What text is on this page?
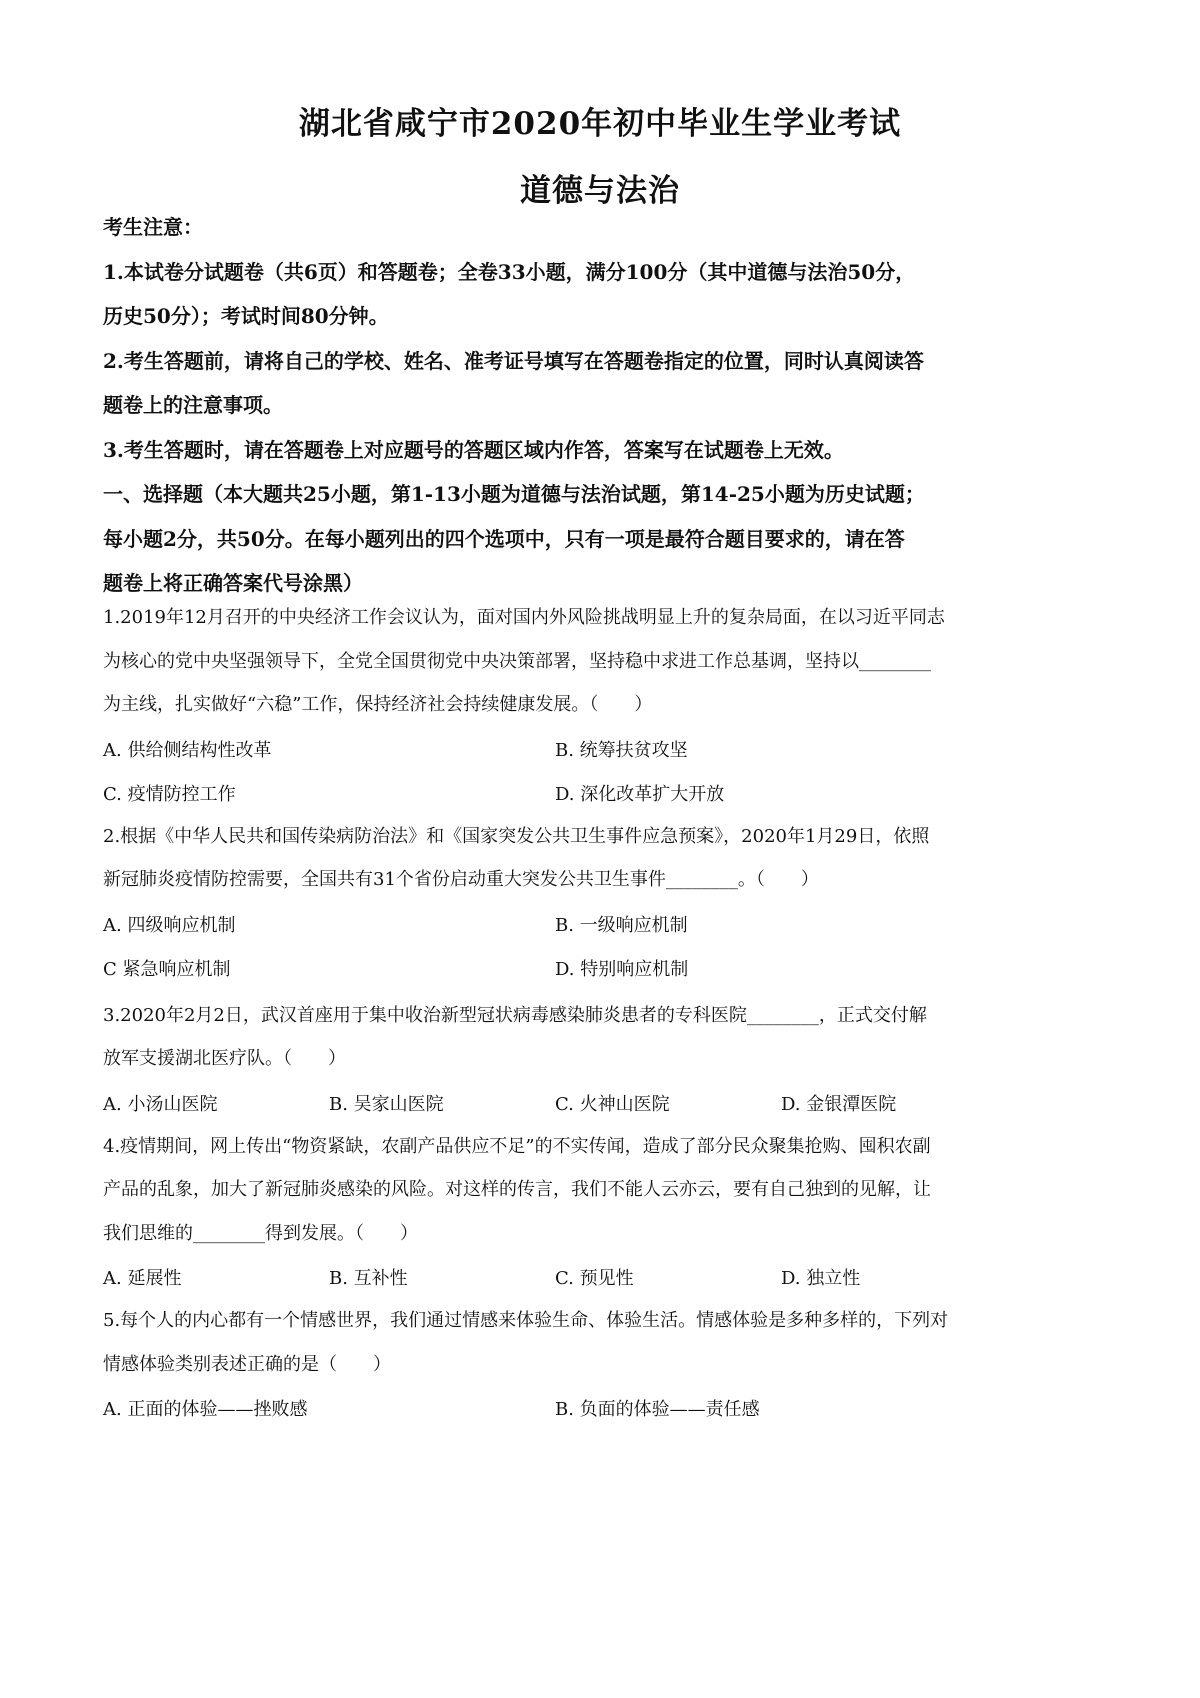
湖北省咸宁市2020年初中毕业生学业考试
道德与法治

考生注意：

1.本试卷分试题卷（共6页）和答题卷；全卷33小题，满分100分（其中道德与法治50分，

历史50分）；考试时间80分钟。

2.考生答题前，请将自己的学校、姓名、准考证号填写在答题卷指定的位置，同时认真阅读答

题卷上的注意事项。

3.考生答题时，请在答题卷上对应题号的答题区域内作答，答案写在试题卷上无效。

一、选择题（本大题共25小题，第1-13小题为道德与法治试题，第14-25小题为历史试题；

每小题2分，共50分。在每小题列出的四个选项中，只有一项是最符合题目要求的，请在答

题卷上将正确答案代号涂黑）

1.2019年12月召开的中央经济工作会议认为，面对国内外风险挑战明显上升的复杂局面，在以习近平同志

为核心的党中央坚强领导下，全党全国贯彻党中央决策部署，坚持稳中求进工作总基调，坚持以________

为主线，扎实做好“六稳”工作，保持经济社会持续健康发展。（　　）

A. 供给侧结构性改革	B. 统筹扶贫攻坚
C. 疫情防控工作	D. 深化改革扩大开放

2.根据《中华人民共和国传染病防治法》和《国家突发公共卫生事件应急预案》，2020年1月29日，依照

新冠肺炎疫情防控需要，全国共有31个省份启动重大突发公共卫生事件________。（　　）

A. 四级响应机制	B. 一级响应机制
C 紧急响应机制	D. 特别响应机制

3.2020年2月2日，武汉首座用于集中收治新型冠状病毒感染肺炎患者的专科医院________，正式交付解

放军支援湖北医疗队。（　　）

A. 小汤山医院	B. 吴家山医院	C. 火神山医院	D. 金银潭医院

4.疫情期间，网上传出“物资紧缺，农副产品供应不足”的不实传闻，造成了部分民众聚集抢购、囤积农副

产品的乱象，加大了新冠肺炎感染的风险。对这样的传言，我们不能人云亦云，要有自己独到的见解，让

我们思维的________得到发展。（　　）

A. 延展性	B. 互补性	C. 预见性	D. 独立性

5.每个人的内心都有一个情感世界，我们通过情感来体验生命、体验生活。情感体验是多种多样的，下列对

情感体验类别表述正确的是（　　）

A. 正面的体验——挫败感	B. 负面的体验——责任感
